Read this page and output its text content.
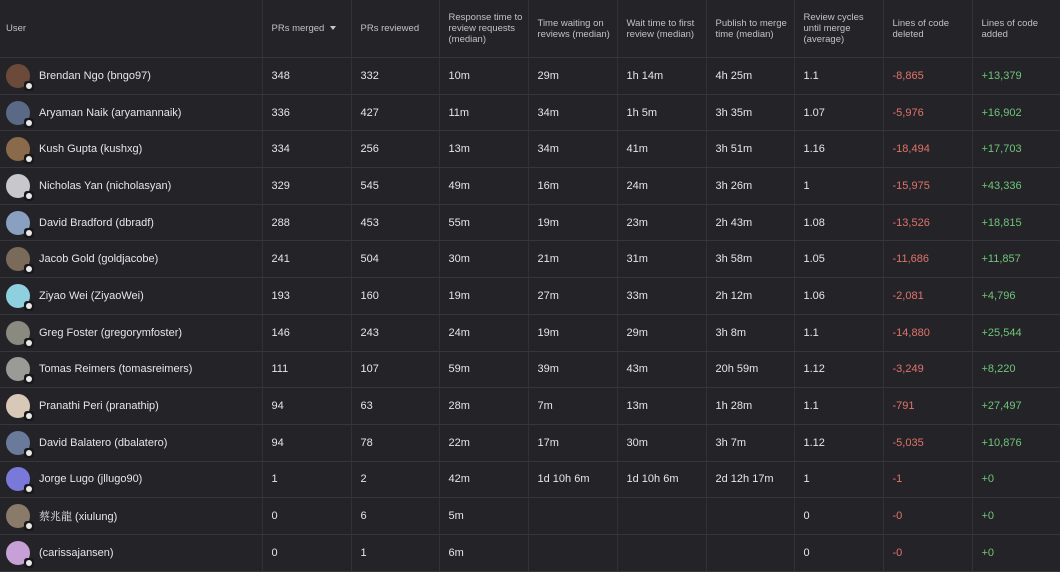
User	PRs merged	PRs reviewed	Response time to review requests (median)	Time waiting on reviews (median)	Wait time to first review (median)	Publish to merge time (median)	Review cycles until merge (average)	Lines of code deleted	Lines of code added

Brendan Ngo (bngo97)	348	332	10m	29m	1h 14m	4h 25m	1.1	-8,865	+13,379

Aryaman Naik (aryamannaik)	336	427	11m	34m	1h 5m	3h 35m	1.07	-5,976	+16,902

Kush Gupta (kushxg)	334	256	13m	34m	41m	3h 51m	1.16	-18,494	+17,703

Nicholas Yan (nicholasyan)	329	545	49m	16m	24m	3h 26m	1	-15,975	+43,336

David Bradford (dbradf)	288	453	55m	19m	23m	2h 43m	1.08	-13,526	+18,815

Jacob Gold (goldjacobe)	241	504	30m	21m	31m	3h 58m	1.05	-11,686	+11,857

Ziyao Wei (ZiyaoWei)	193	160	19m	27m	33m	2h 12m	1.06	-2,081	+4,796

Greg Foster (gregorymfoster)	146	243	24m	19m	29m	3h 8m	1.1	-14,880	+25,544

Tomas Reimers (tomasreimers)	111	107	59m	39m	43m	20h 59m	1.12	-3,249	+8,220

Pranathi Peri (pranathip)	94	63	28m	7m	13m	1h 28m	1.1	-791	+27,497

David Balatero (dbalatero)	94	78	22m	17m	30m	3h 7m	1.12	-5,035	+10,876

Jorge Lugo (jllugo90)	1	2	42m	1d 10h 6m	1d 10h 6m	2d 12h 17m	1	-1	+0

蔡兆龍 (xiulung)	0	6	5m				0	-0	+0

(carissajansen)	0	1	6m				0	-0	+0
